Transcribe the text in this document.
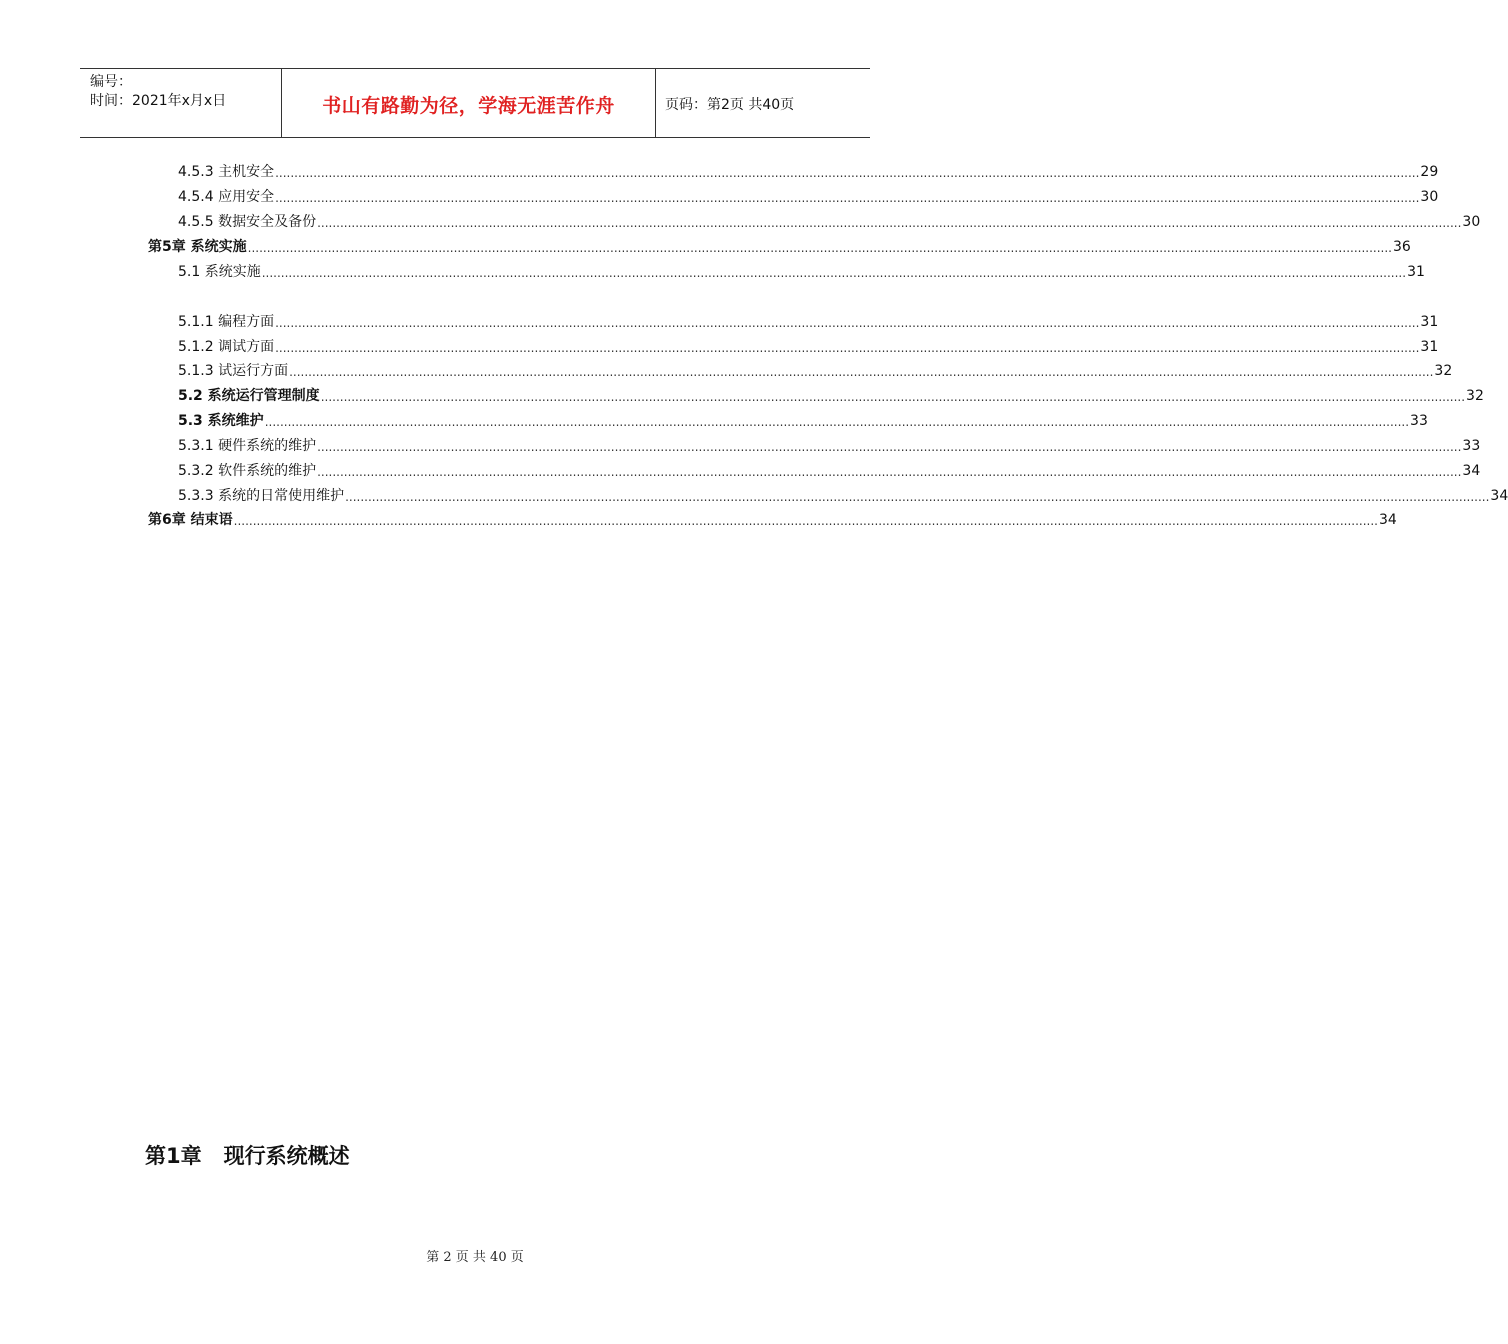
编号：
时间：2021年x月x日	书山有路勤为径，学海无涯苦作舟	页码：第2页 共40页
4.5.3 主机安全 ............................................................................................................................................................................................................................................................................................................ 29
4.5.4 应用安全 ............................................................................................................................................................................................................................................................................................................ 30
4.5.5 数据安全及备份 ............................................................................................................................................................................................................................................................................................................ 30
第5章 系统实施 ............................................................................................................................................................................................................................................................................................................ 36
5.1 系统实施 ............................................................................................................................................................................................................................................................................................................ 31
5.1.1 编程方面 ............................................................................................................................................................................................................................................................................................................ 31
5.1.2 调试方面 ............................................................................................................................................................................................................................................................................................................ 31
5.1.3 试运行方面 ............................................................................................................................................................................................................................................................................................................ 32
5.2 系统运行管理制度 ............................................................................................................................................................................................................................................................................................................ 32
5.3 系统维护 ............................................................................................................................................................................................................................................................................................................ 33
5.3.1 硬件系统的维护 ............................................................................................................................................................................................................................................................................................................ 33
5.3.2 软件系统的维护 ............................................................................................................................................................................................................................................................................................................ 34
5.3.3 系统的日常使用维护 ............................................................................................................................................................................................................................................................................................................ 34
第6章 结束语 ............................................................................................................................................................................................................................................................................................................ 34
第1章 现行系统概述
第 2 页 共 40 页
